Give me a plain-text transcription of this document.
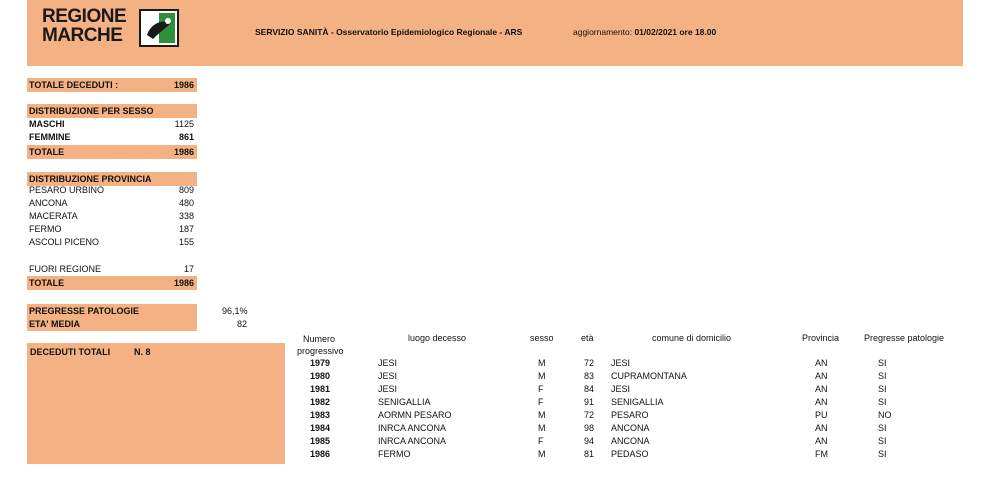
REGIONE
MARCHE	SERVIZIO SANITÀ - Osservatorio Epidemiologico Regionale - ARS	aggiornamento: 01/02/2021 ore 18.00
TOTALE DECEDUTI :	1986
DISTRIBUZIONE PER SESSO
MASCHI	1125
FEMMINE	861
TOTALE	1986
DISTRIBUZIONE PROVINCIA
PESARO URBINO	809
ANCONA	480
MACERATA	338
FERMO	187
ASCOLI PICENO	155
FUORI REGIONE	17
TOTALE	1986
PREGRESSE PATOLOGIE	96,1%
ETA' MEDIA	82
DECEDUTI TOTALI	N. 8
Numero
progressivo
luogo decesso	sesso	età	comune di domicilio	Provincia	Pregresse patologie
1979	JESI	M	72 JESI	AN	SI
1980	JESI	M	83 CUPRAMONTANA	AN	SI
1981	JESI	F	84 JESI	AN	SI
1982	SENIGALLIA	F	91 SENIGALLIA	AN	SI
1983	AORMN PESARO	M	72 PESARO	PU	NO
1984	INRCA ANCONA	M	98 ANCONA	AN	SI
1985	INRCA ANCONA	F	94 ANCONA	AN	SI
1986	FERMO	M	81 PEDASO	FM	SI
